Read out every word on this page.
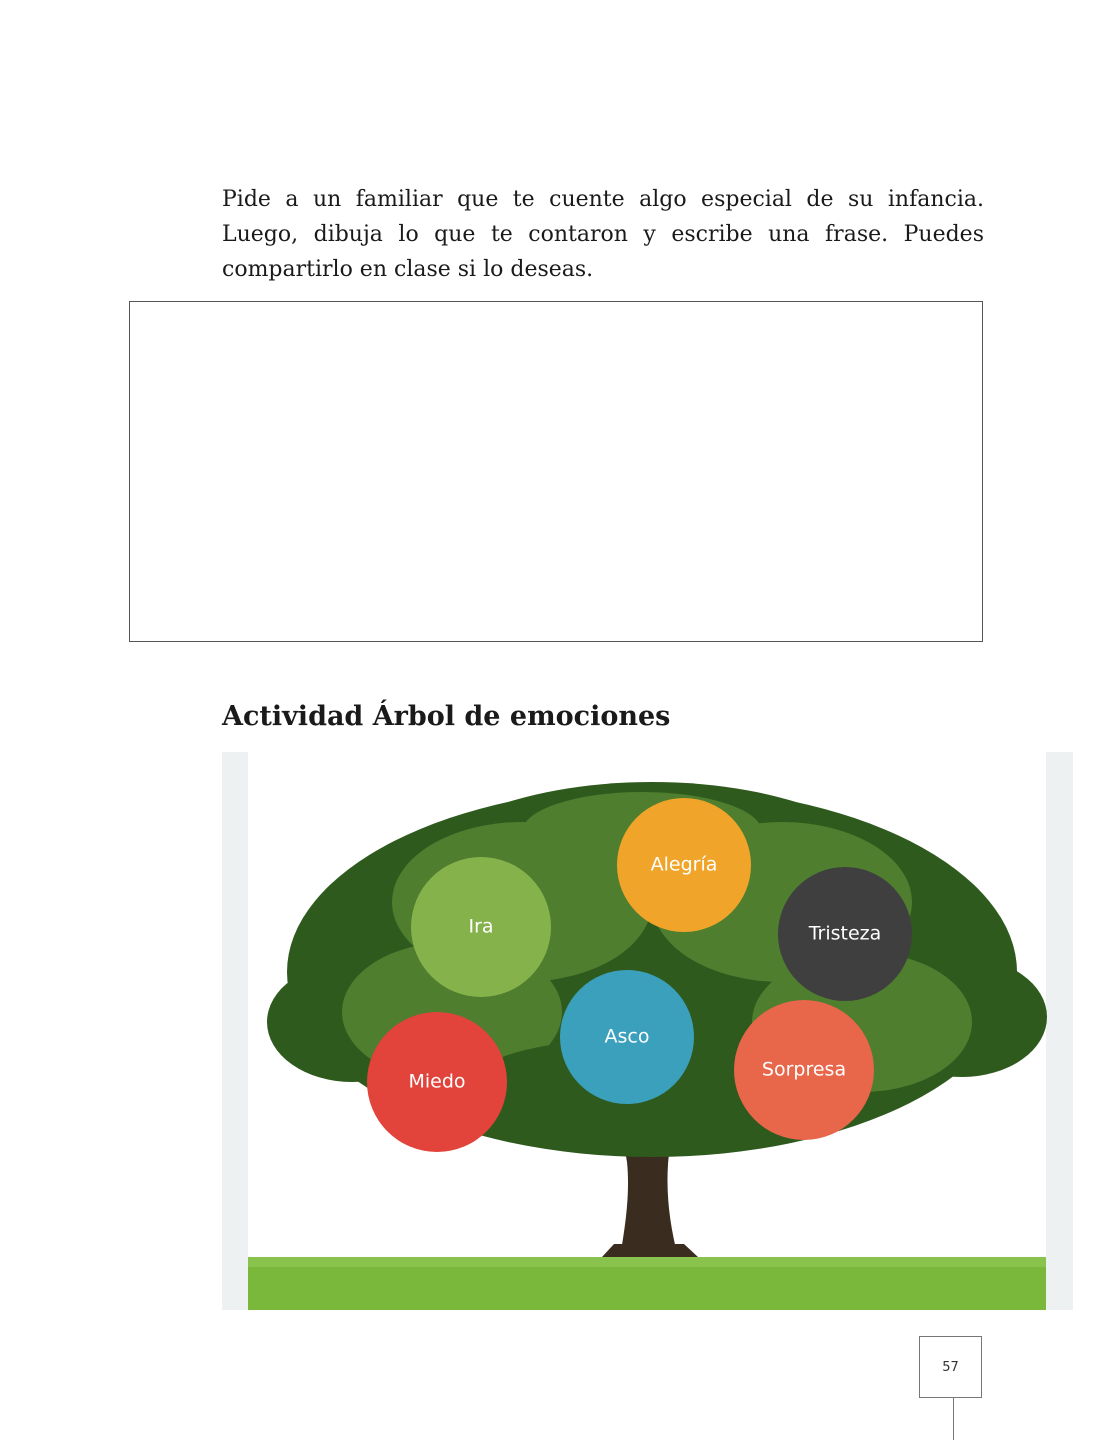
Pide a un familiar que te cuente algo especial de su infancia. Luego, dibuja lo que te contaron y escribe una frase. Puedes compartirlo en clase si lo deseas.

Actividad Árbol de emociones
Alegría
Ira	Tristeza
Asco
Miedo
Sorpresa
57
